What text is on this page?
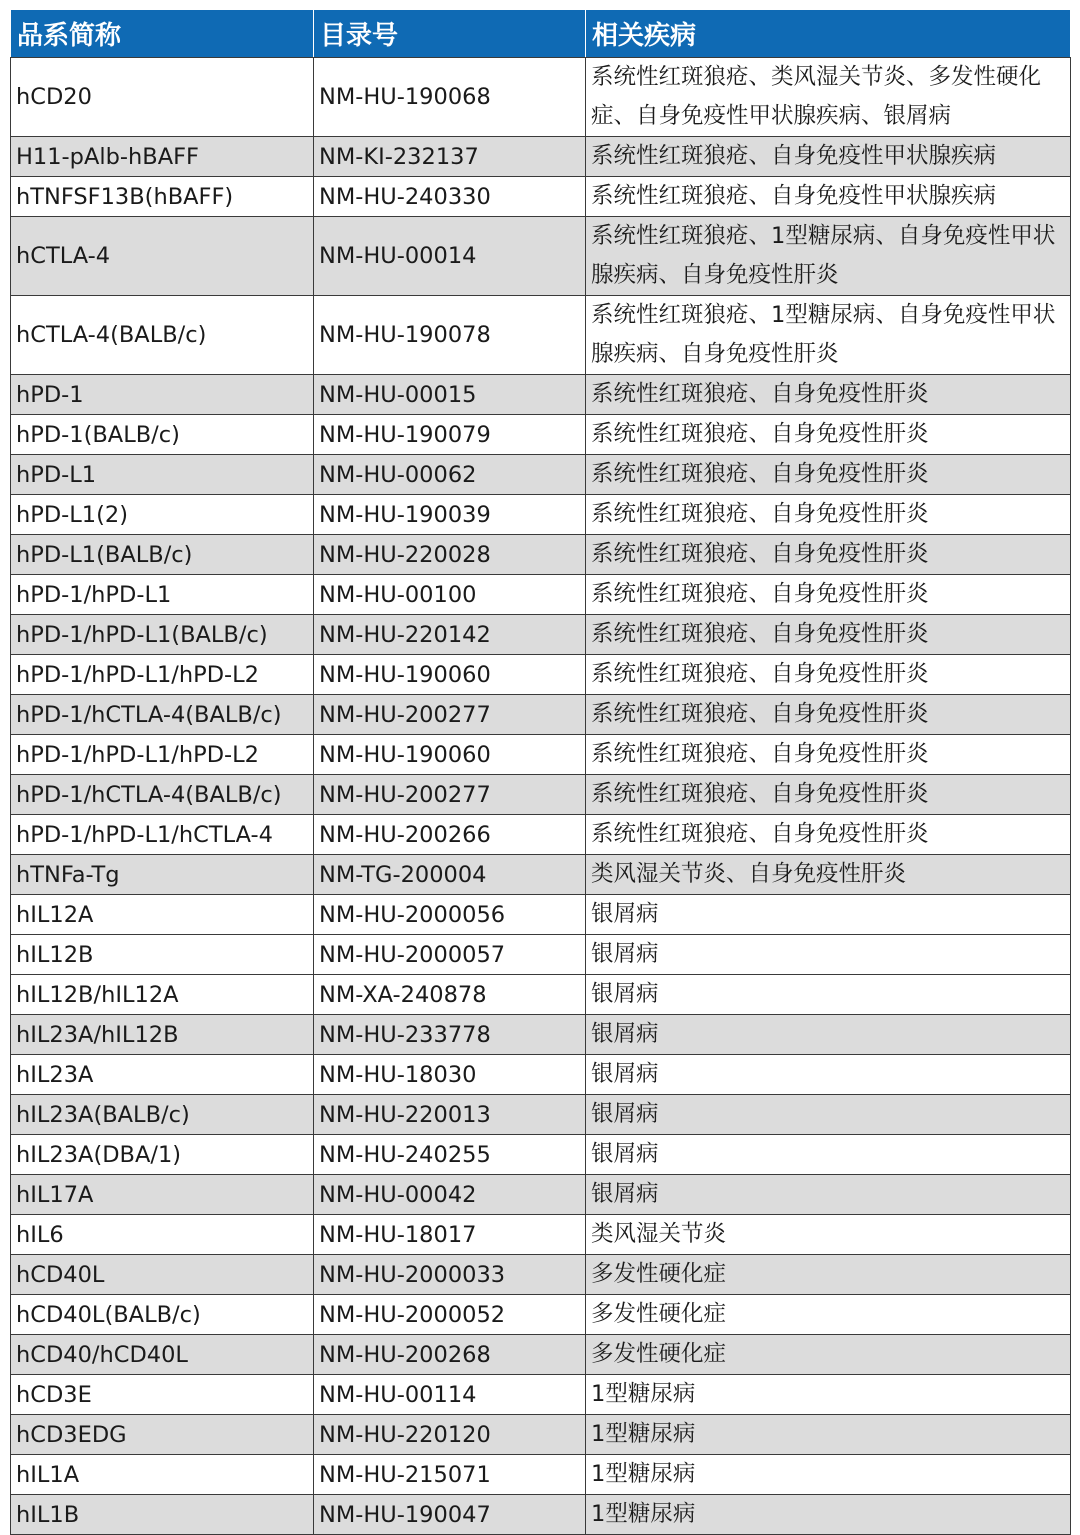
品系简称	目录号	相关疾病
hCD20	NM-HU-190068	系统性红斑狼疮、类风湿关节炎、多发性硬化症、自身免疫性甲状腺疾病、银屑病
H11-pAlb-hBAFF	NM-KI-232137	系统性红斑狼疮、自身免疫性甲状腺疾病
hTNFSF13B(hBAFF)	NM-HU-240330	系统性红斑狼疮、自身免疫性甲状腺疾病
hCTLA-4	NM-HU-00014	系统性红斑狼疮、1型糖尿病、自身免疫性甲状腺疾病、自身免疫性肝炎
hCTLA-4(BALB/c)	NM-HU-190078	系统性红斑狼疮、1型糖尿病、自身免疫性甲状腺疾病、自身免疫性肝炎
hPD-1	NM-HU-00015	系统性红斑狼疮、自身免疫性肝炎
hPD-1(BALB/c)	NM-HU-190079	系统性红斑狼疮、自身免疫性肝炎
hPD-L1	NM-HU-00062	系统性红斑狼疮、自身免疫性肝炎
hPD-L1(2)	NM-HU-190039	系统性红斑狼疮、自身免疫性肝炎
hPD-L1(BALB/c)	NM-HU-220028	系统性红斑狼疮、自身免疫性肝炎
hPD-1/hPD-L1	NM-HU-00100	系统性红斑狼疮、自身免疫性肝炎
hPD-1/hPD-L1(BALB/c)	NM-HU-220142	系统性红斑狼疮、自身免疫性肝炎
hPD-1/hPD-L1/hPD-L2	NM-HU-190060	系统性红斑狼疮、自身免疫性肝炎
hPD-1/hCTLA-4(BALB/c)	NM-HU-200277	系统性红斑狼疮、自身免疫性肝炎
hPD-1/hPD-L1/hPD-L2	NM-HU-190060	系统性红斑狼疮、自身免疫性肝炎
hPD-1/hCTLA-4(BALB/c)	NM-HU-200277	系统性红斑狼疮、自身免疫性肝炎
hPD-1/hPD-L1/hCTLA-4	NM-HU-200266	系统性红斑狼疮、自身免疫性肝炎
hTNFa-Tg	NM-TG-200004	类风湿关节炎、自身免疫性肝炎
hIL12A	NM-HU-2000056	银屑病
hIL12B	NM-HU-2000057	银屑病
hIL12B/hIL12A	NM-XA-240878	银屑病
hIL23A/hIL12B	NM-HU-233778	银屑病
hIL23A	NM-HU-18030	银屑病
hIL23A(BALB/c)	NM-HU-220013	银屑病
hIL23A(DBA/1)	NM-HU-240255	银屑病
hIL17A	NM-HU-00042	银屑病
hIL6	NM-HU-18017	类风湿关节炎
hCD40L	NM-HU-2000033	多发性硬化症
hCD40L(BALB/c)	NM-HU-2000052	多发性硬化症
hCD40/hCD40L	NM-HU-200268	多发性硬化症
hCD3E	NM-HU-00114	1型糖尿病
hCD3EDG	NM-HU-220120	1型糖尿病
hIL1A	NM-HU-215071	1型糖尿病
hIL1B	NM-HU-190047	1型糖尿病
